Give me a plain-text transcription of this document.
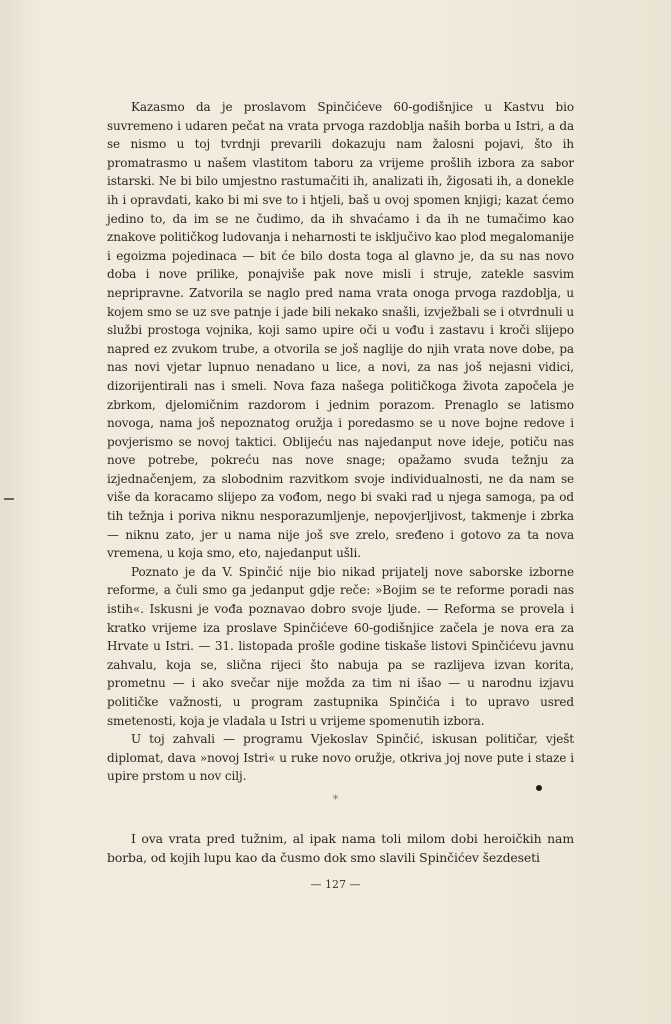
Kazasmo da je proslavom Spinčićeve 60-godišnjice u Kastvu bio suvremeno i udaren pečat na vrata prvoga razdoblja naših borba u Istri, a da se nismo u toj tvrdnji prevarili dokazuju nam žalosni pojavi, što ih promatrasmo u našem vlastitom taboru za vrijeme prošlih izbora za sabor istarski. Ne bi bilo umjestno rastumačiti ih, analizati ih, žigosati ih, a donekle ih i opravdati, kako bi mi sve to i htjeli, baš u ovoj spomen knjigi; kazat ćemo jedino to, da im se ne čudimo, da ih shvaćamo i da ih ne tumačimo kao znakove političkog ludovanja i neharnosti te isključivo kao plod megalomanije i egoizma pojedinaca — bit će bilo dosta toga al glavno je, da su nas novo doba i nove prilike, ponajviše pak nove misli i struje, zatekle sasvim nepripravne. Zatvorila se naglo pred nama vrata onoga prvoga razdoblja, u kojem smo se uz sve patnje i jade bili nekako snašli, izvježbali se i otvrdnuli u službi prostoga vojnika, koji samo upire oči u vođu i zastavu i kroči slijepo napred ez zvukom trube, a otvorila se još naglije do njih vrata nove dobe, pa nas novi vjetar lupnuo nenadano u lice, a novi, za nas još nejasni vidici, dizorijentirali nas i smeli. Nova faza našega političkoga života započela je zbrkom, djelomičnim razdorom i jednim porazom. Prenaglo se latismo novoga, nama još nepoznatog oružja i poredasmo se u nove bojne redove i povjerismo se novoj taktici. Oblijeću nas najedanput nove ideje, potiču nas nove potrebe, pokreću nas nove snage; opažamo svuda težnju za izjednačenjem, za slobodnim razvitkom svoje individualnosti, ne da nam se više da koracamo slijepo za vođom, nego bi svaki rad u njega samoga, pa od tih težnja i poriva niknu nesporazumljenje, nepovjerljivost, takmenje i zbrka — niknu zato, jer u nama nije još sve zrelo, sređeno i gotovo za ta nova vremena, u koja smo, eto, najedanput ušli.

Poznato je da V. Spinčić nije bio nikad prijatelj nove saborske izborne reforme, a čuli smo ga jedanput gdje reče: »Bojim se te reforme poradi nas istih«. Iskusni je vođa poznavao dobro svoje ljude. — Reforma se provela i kratko vrijeme iza proslave Spinčićeve 60-godišnjice začela je nova era za Hrvate u Istri. — 31. listopada prošle godine tiskaše listovi Spinčićevu javnu zahvalu, koja se, slična rijeci što nabuja pa se razlijeva izvan korita, prometnu — i ako svečar nije možda za tim ni išao — u narodnu izjavu političke važnosti, u program zastupnika Spinčića i to upravo usred smetenosti, koja je vladala u Istri u vrijeme spomenutih izbora.

U toj zahvali — programu Vjekoslav Spinčić, iskusan političar, vješt diplomat, dava »novoj Istri« u ruke novo oružje, otkriva joj nove pute i staze i upire prstom u nov cilj.

*

I ova vrata pred tužnim, al ipak nama toli milom dobi heroičkih nam borba, od kojih lupu kao da čusmo dok smo slavili Spinčićev šezdeseti

— 127 —
